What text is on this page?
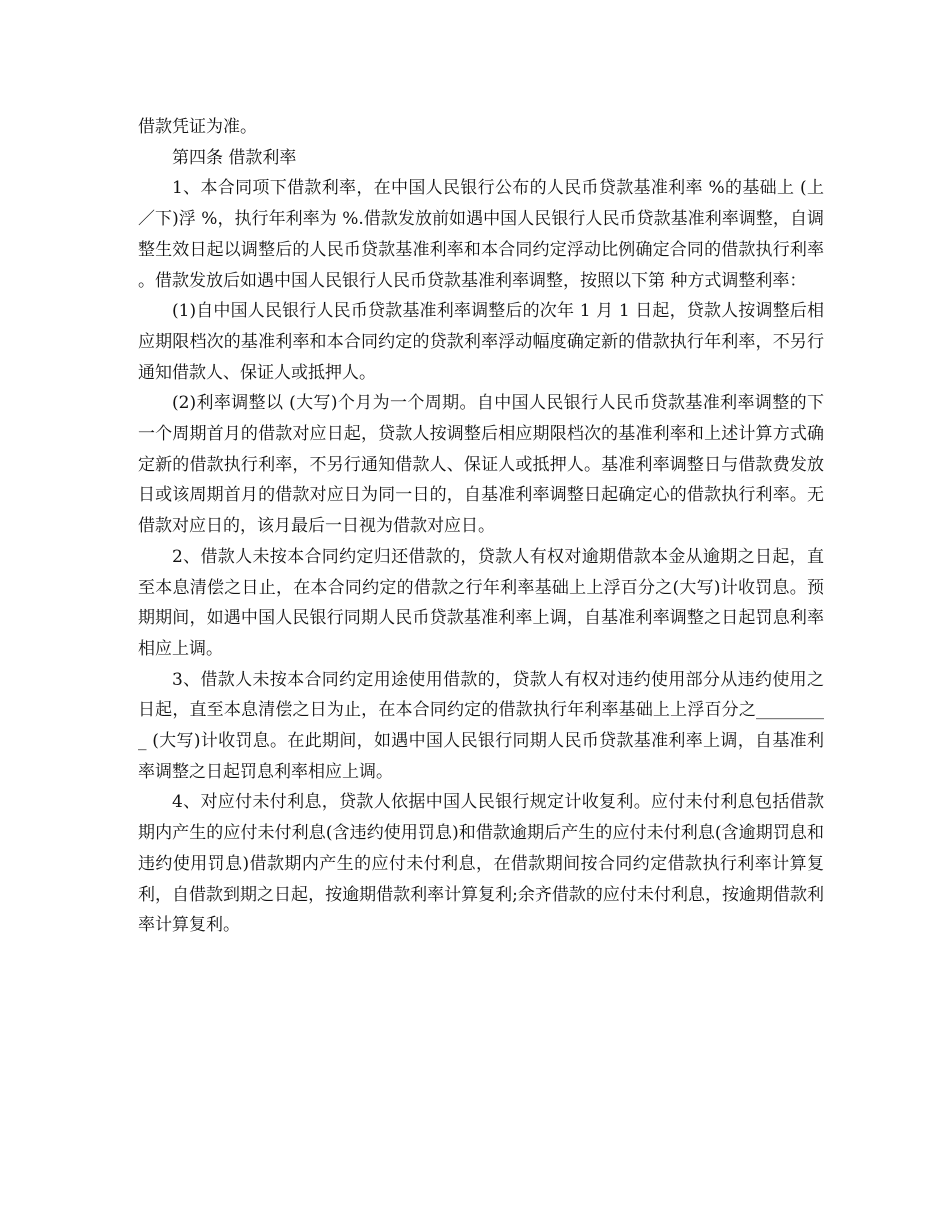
借款凭证为准。

第四条 借款利率

1、本合同项下借款利率，在中国人民银行公布的人民币贷款基准利率 %的基础上 (上／下)浮 %，执行年利率为 %.借款发放前如遇中国人民银行人民币贷款基准利率调整，自调整生效日起以调整后的人民币贷款基准利率和本合同约定浮动比例确定合同的借款执行利率。借款发放后如遇中国人民银行人民币贷款基准利率调整，按照以下第 种方式调整利率：

(1)自中国人民银行人民币贷款基准利率调整后的次年 1 月 1 日起，贷款人按调整后相应期限档次的基准利率和本合同约定的贷款利率浮动幅度确定新的借款执行年利率，不另行通知借款人、保证人或抵押人。

(2)利率调整以 (大写)个月为一个周期。自中国人民银行人民币贷款基准利率调整的下一个周期首月的借款对应日起，贷款人按调整后相应期限档次的基准利率和上述计算方式确定新的借款执行利率，不另行通知借款人、保证人或抵押人。基准利率调整日与借款费发放日或该周期首月的借款对应日为同一日的，自基准利率调整日起确定心的借款执行利率。无借款对应日的，该月最后一日视为借款对应日。

2、借款人未按本合同约定归还借款的，贷款人有权对逾期借款本金从逾期之日起，直至本息清偿之日止，在本合同约定的借款之行年利率基础上上浮百分之(大写)计收罚息。预期期间，如遇中国人民银行同期人民币贷款基准利率上调，自基准利率调整之日起罚息利率相应上调。

3、借款人未按本合同约定用途使用借款的，贷款人有权对违约使用部分从违约使用之日起，直至本息清偿之日为止，在本合同约定的借款执行年利率基础上上浮百分之_________ (大写)计收罚息。在此期间，如遇中国人民银行同期人民币贷款基准利率上调，自基准利率调整之日起罚息利率相应上调。

4、对应付未付利息，贷款人依据中国人民银行规定计收复利。应付未付利息包括借款期内产生的应付未付利息(含违约使用罚息)和借款逾期后产生的应付未付利息(含逾期罚息和违约使用罚息)借款期内产生的应付未付利息，在借款期间按合同约定借款执行利率计算复利，自借款到期之日起，按逾期借款利率计算复利;余齐借款的应付未付利息，按逾期借款利率计算复利。
